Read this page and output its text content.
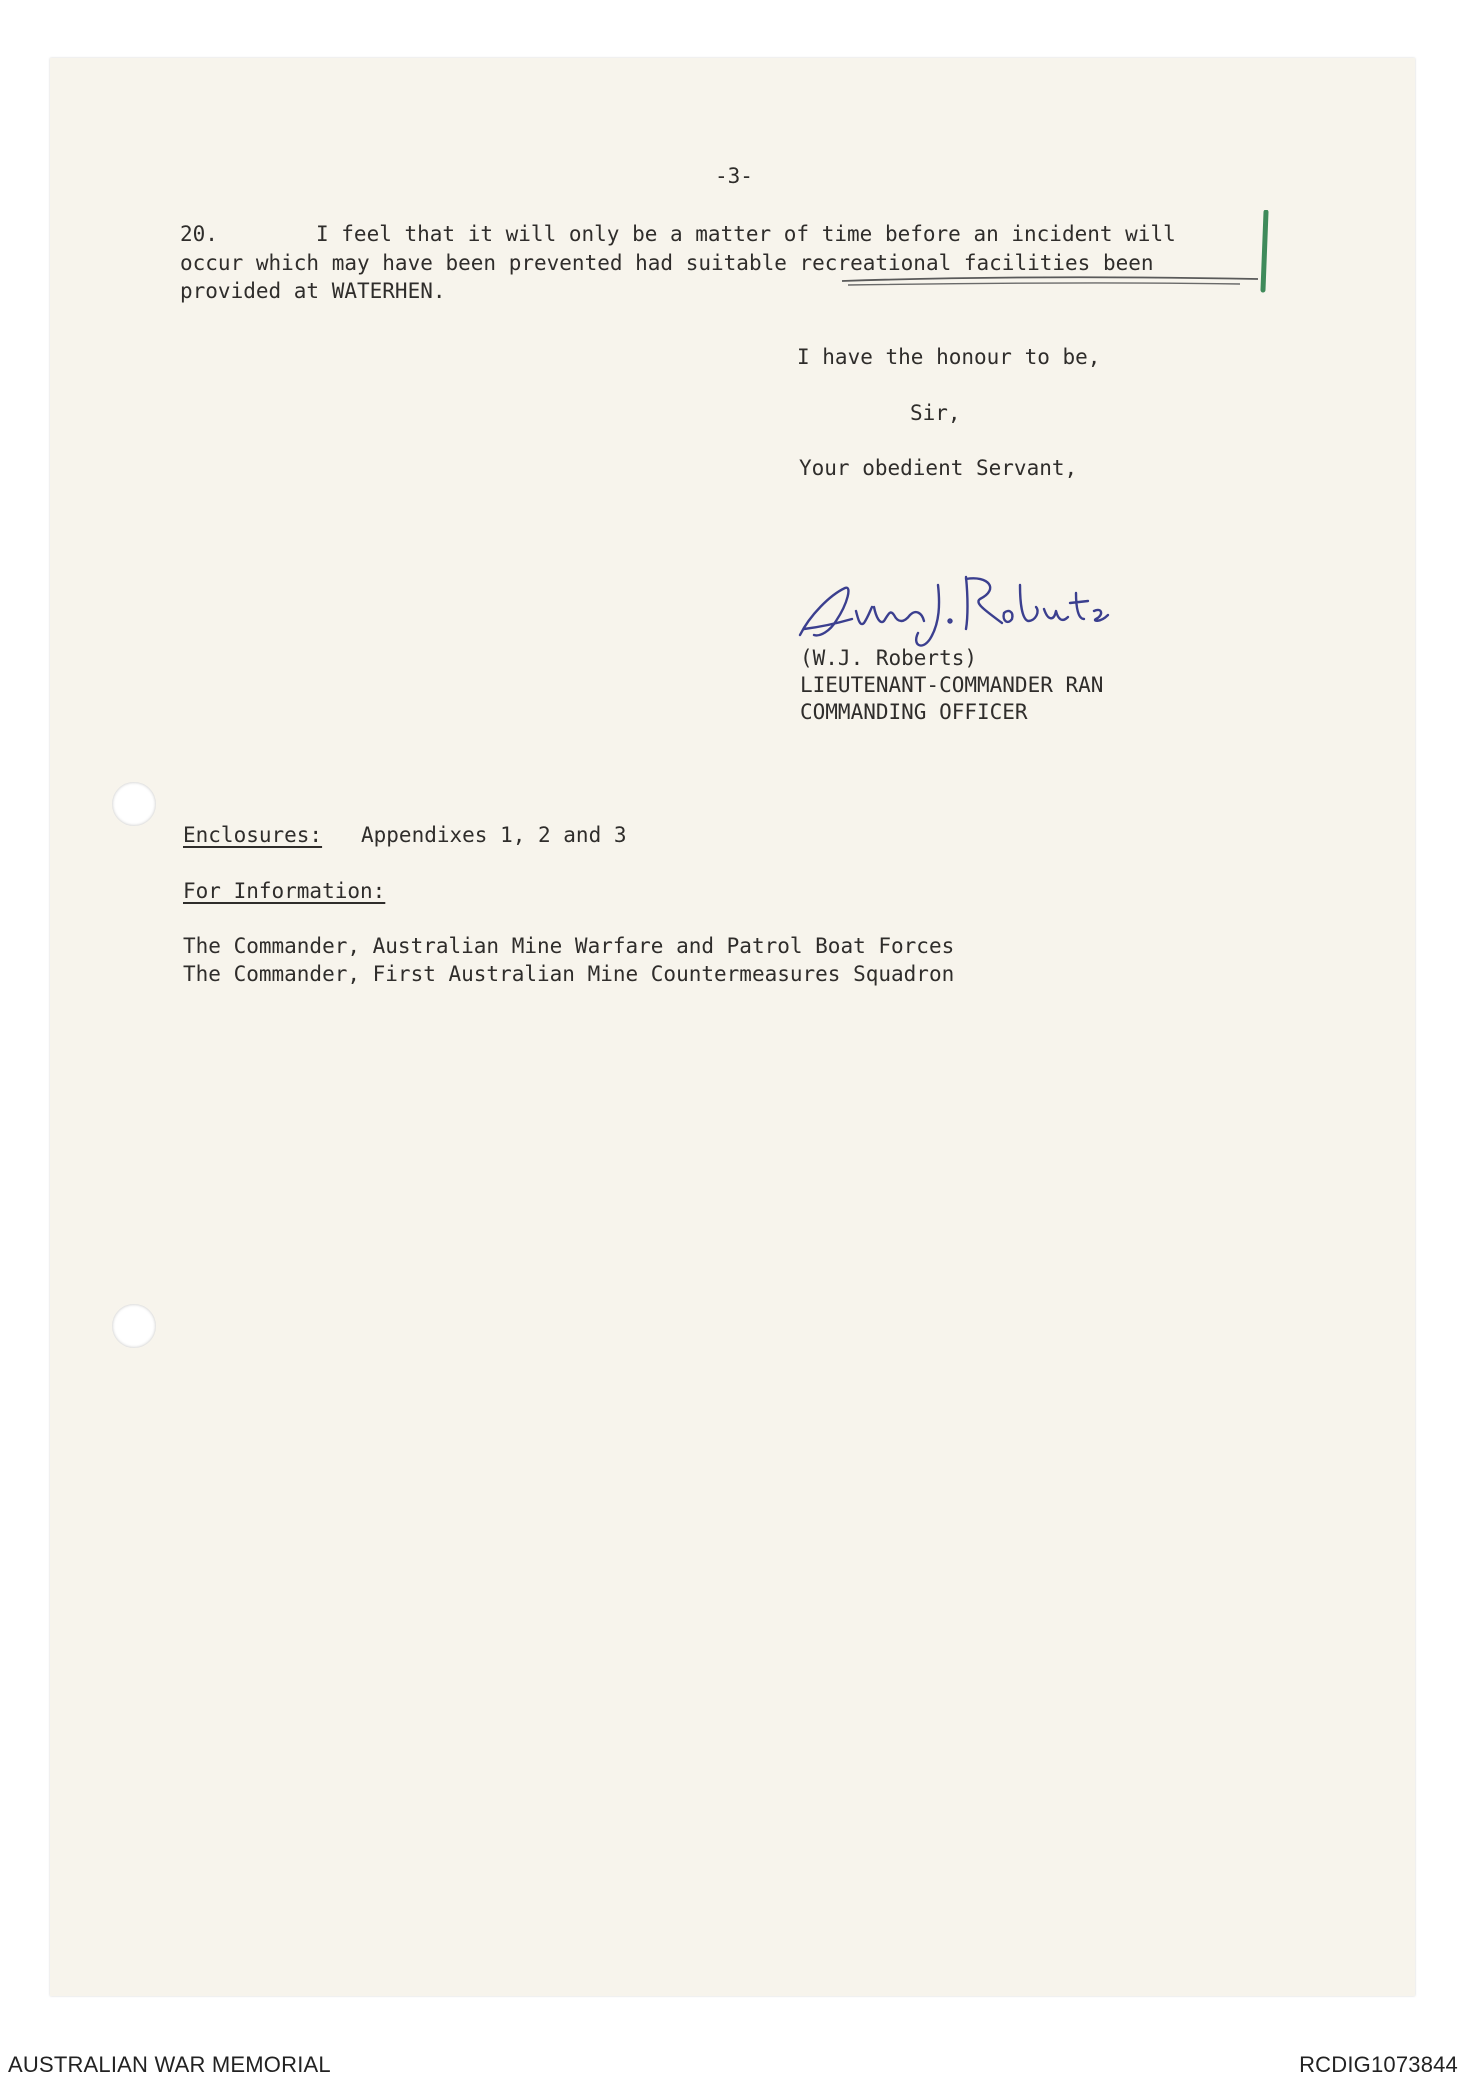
-3-
20.	I feel that it will only be a matter of time before an incident will
occur which may have been prevented had suitable recreational facilities been
provided at WATERHEN.
I have the honour to be,
Sir,
Your obedient Servant,
(W.J. Roberts)
LIEUTENANT-COMMANDER RAN
COMMANDING OFFICER
Enclosures: Appendixes 1, 2 and 3
For Information:
The Commander, Australian Mine Warfare and Patrol Boat Forces
The Commander, First Australian Mine Countermeasures Squadron
AUSTRALIAN WAR MEMORIAL	RCDIG1073844
